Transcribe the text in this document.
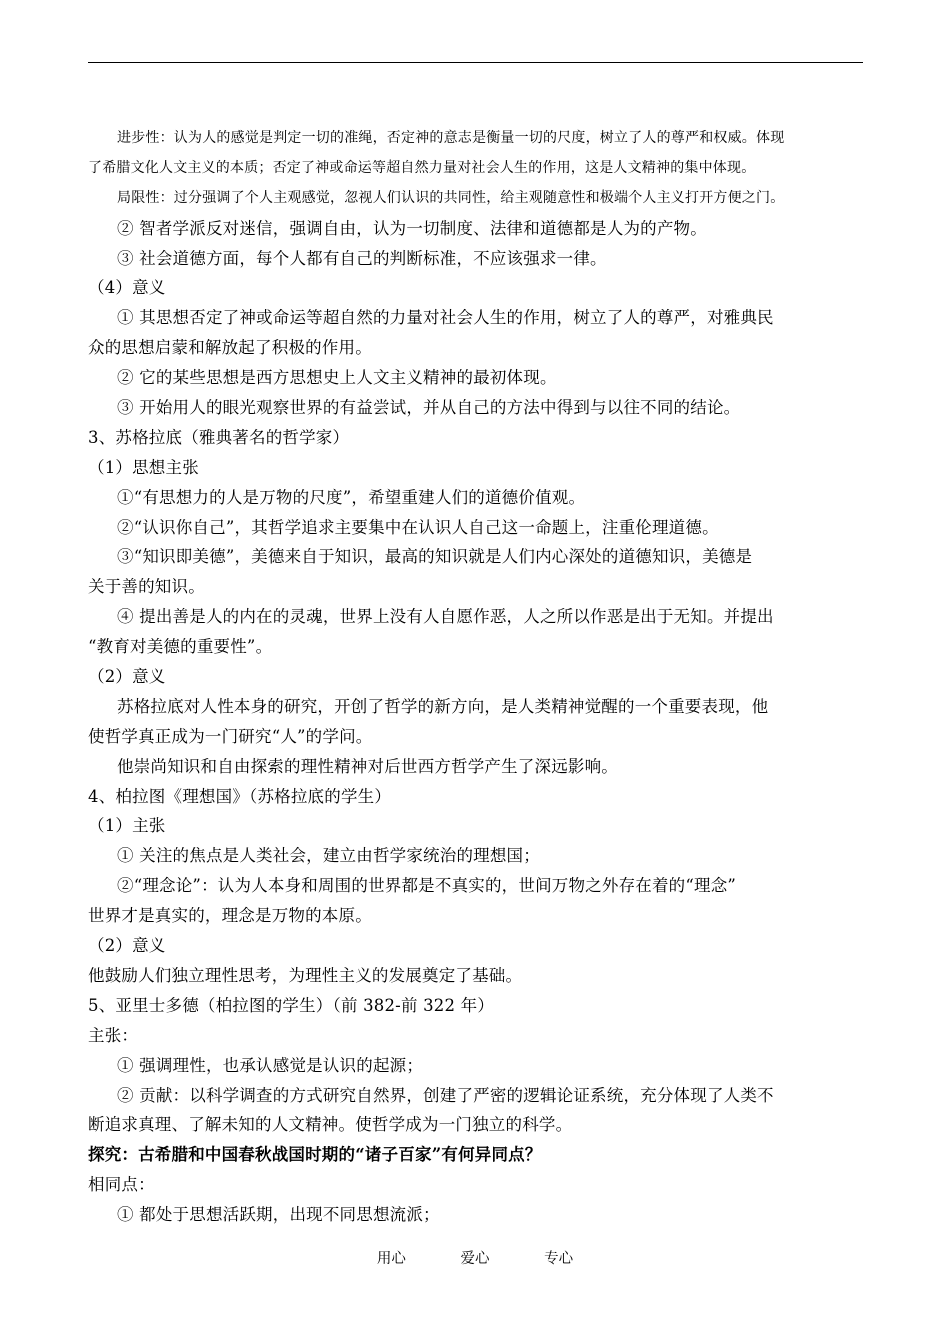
进步性：认为人的感觉是判定一切的准绳，否定神的意志是衡量一切的尺度，树立了人的尊严和权威。体现
了希腊文化人文主义的本质；否定了神或命运等超自然力量对社会人生的作用，这是人文精神的集中体现。
局限性：过分强调了个人主观感觉，忽视人们认识的共同性，给主观随意性和极端个人主义打开方便之门。
② 智者学派反对迷信，强调自由，认为一切制度、法律和道德都是人为的产物。
③ 社会道德方面，每个人都有自己的判断标准，不应该强求一律。
（4）意义
① 其思想否定了神或命运等超自然的力量对社会人生的作用，树立了人的尊严，对雅典民
众的思想启蒙和解放起了积极的作用。
② 它的某些思想是西方思想史上人文主义精神的最初体现。
③ 开始用人的眼光观察世界的有益尝试，并从自己的方法中得到与以往不同的结论。
3、苏格拉底（雅典著名的哲学家）
（1）思想主张
①“有思想力的人是万物的尺度”，希望重建人们的道德价值观。
②“认识你自己”，其哲学追求主要集中在认识人自己这一命题上，注重伦理道德。
③“知识即美德”，美德来自于知识，最高的知识就是人们内心深处的道德知识，美德是
关于善的知识。
④ 提出善是人的内在的灵魂，世界上没有人自愿作恶，人之所以作恶是出于无知。并提出
“教育对美德的重要性”。
（2）意义
苏格拉底对人性本身的研究，开创了哲学的新方向，是人类精神觉醒的一个重要表现，他
使哲学真正成为一门研究“人”的学问。
他崇尚知识和自由探索的理性精神对后世西方哲学产生了深远影响。
4、柏拉图《理想国》（苏格拉底的学生）
（1）主张
① 关注的焦点是人类社会，建立由哲学家统治的理想国；
②“理念论”：认为人本身和周围的世界都是不真实的，世间万物之外存在着的“理念”
世界才是真实的，理念是万物的本原。
（2）意义
他鼓励人们独立理性思考，为理性主义的发展奠定了基础。
5、亚里士多德（柏拉图的学生）（前 382-前 322 年）
主张：
① 强调理性，也承认感觉是认识的起源；
② 贡献：以科学调查的方式研究自然界，创建了严密的逻辑论证系统，充分体现了人类不
断追求真理、了解未知的人文精神。使哲学成为一门独立的科学。
探究：古希腊和中国春秋战国时期的“诸子百家”有何异同点？
相同点：
① 都处于思想活跃期，出现不同思想流派；
用心	爱心	专心
